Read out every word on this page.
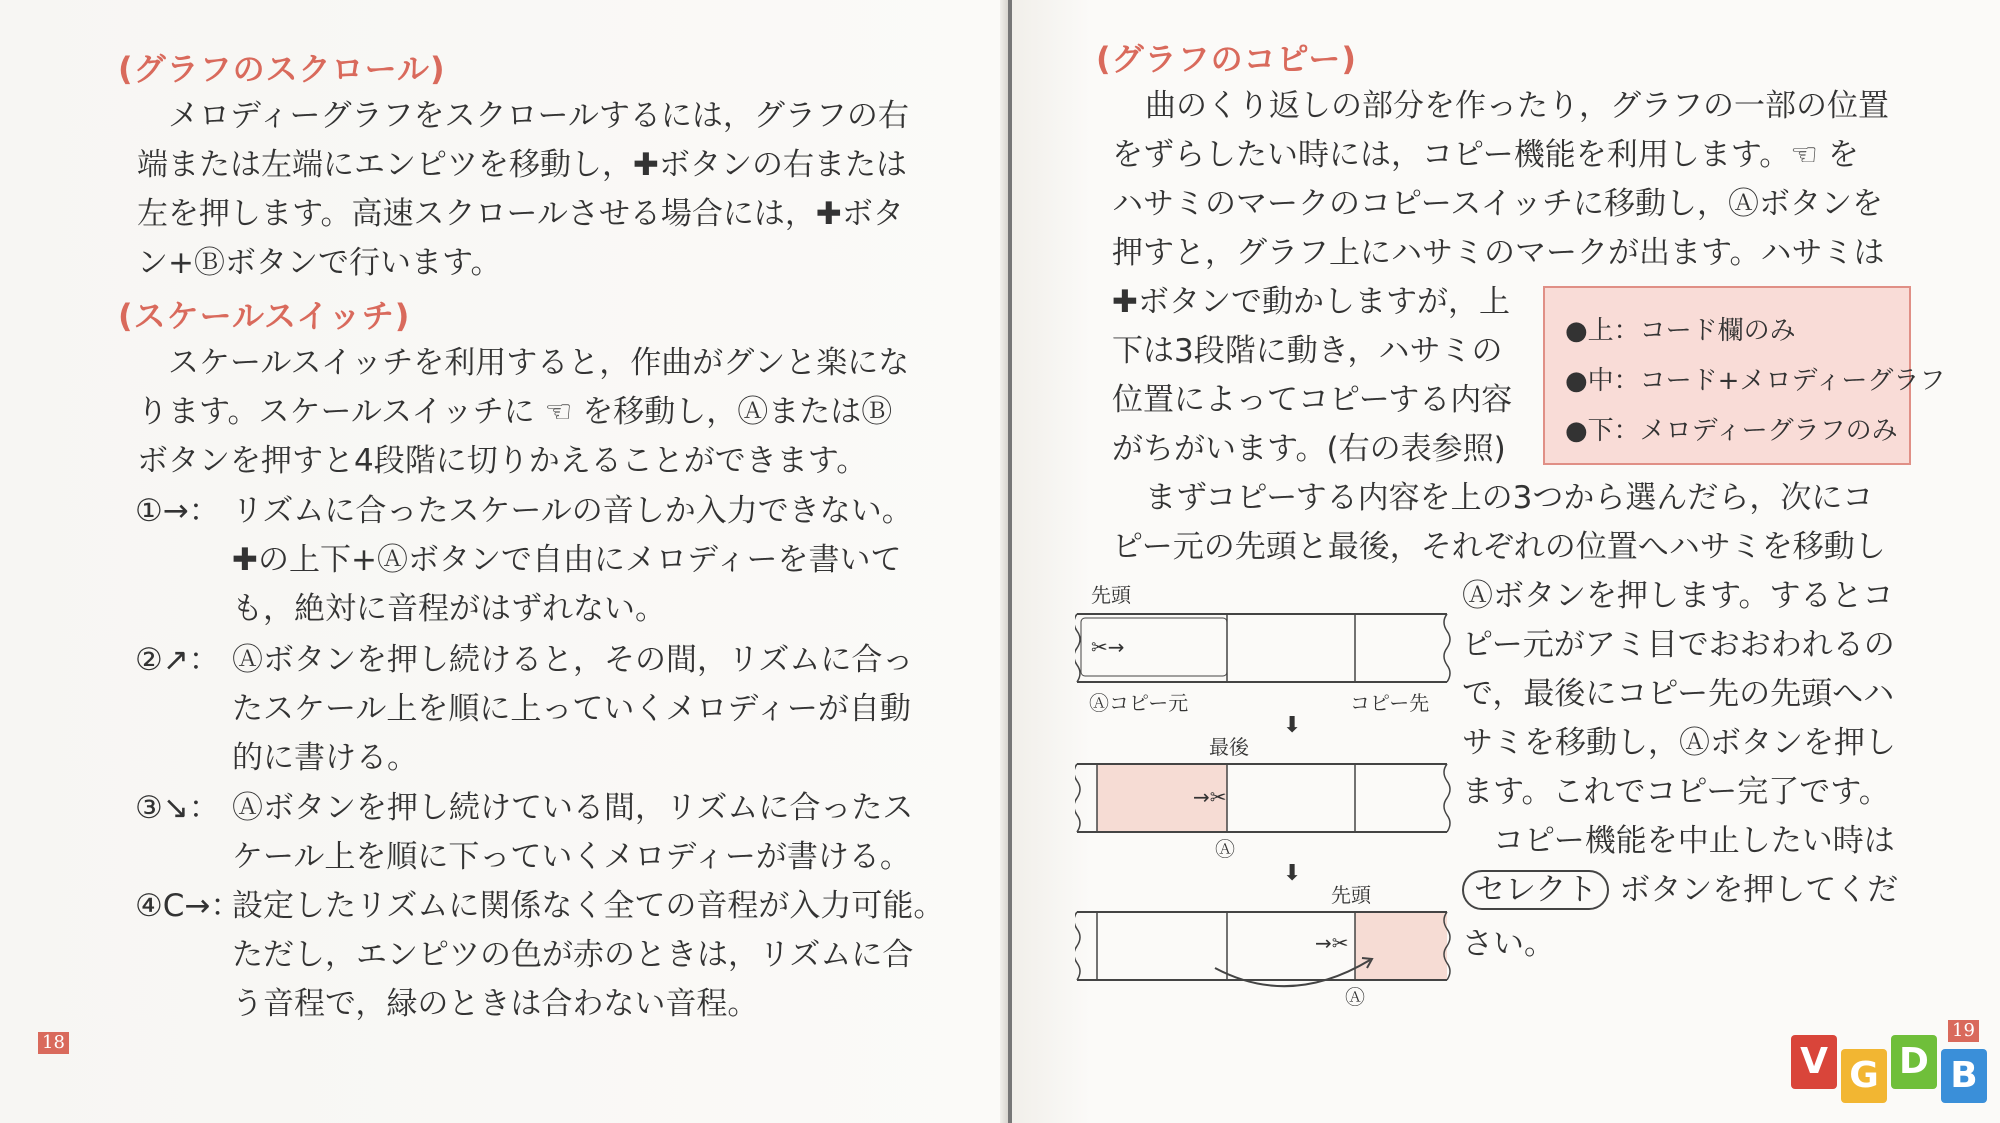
(グラフのスクロール)
メロディーグラフをスクロールするには，グラフの右
端または左端にエンピツを移動し，✚ボタンの右または
左を押します。高速スクロールさせる場合には，✚ボタ
ン+Ⓑボタンで行います。
(スケールスイッチ)
スケールスイッチを利用すると，作曲がグンと楽にな
ります。スケールスイッチに ☜ を移動し，ⒶまたはⒷ
ボタンを押すと4段階に切りかえることができます。
①→： リズムに合ったスケールの音しか入力できない。
✚の上下+Ⓐボタンで自由にメロディーを書いて
も，絶対に音程がはずれない。
②↗： Ⓐボタンを押し続けると，その間，リズムに合っ
たスケール上を順に上っていくメロディーが自動
的に書ける。
③↘： Ⓐボタンを押し続けている間，リズムに合ったス
ケール上を順に下っていくメロディーが書ける。
④C→：
設定したリズムに関係なく全ての音程が入力可能。
ただし，エンピツの色が赤のときは，リズムに合
う音程で，緑のときは合わない音程。
18
(グラフのコピー)
曲のくり返しの部分を作ったり，グラフの一部の位置
をずらしたい時には，コピー機能を利用します。☜ を
ハサミのマークのコピースイッチに移動し，Ⓐボタンを
押すと，グラフ上にハサミのマークが出ます。ハサミは
✚ボタンで動かしますが，上
下は3段階に動き，ハサミの
位置によってコピーする内容
がちがいます。(右の表参照)
●上：コード欄のみ
●中：コード+メロディーグラフ
●下：メロディーグラフのみ
まずコピーする内容を上の3つから選んだら，次にコ
ピー元の先頭と最後，それぞれの位置へハサミを移動し
Ⓐボタンを押します。するとコ
ピー元がアミ目でおおわれるの
で，最後にコピー先の先頭へハ
サミを移動し，Ⓐボタンを押し
ます。これでコピー完了です。
　コピー機能を中止したい時は
セレクト ボタンを押してくだ
さい。
先頭
✂→
Ⓐコピー元	コピー先
⬇
最後
→✂
Ⓐ
⬇
先頭
→✂
Ⓐ
19
V G D B
